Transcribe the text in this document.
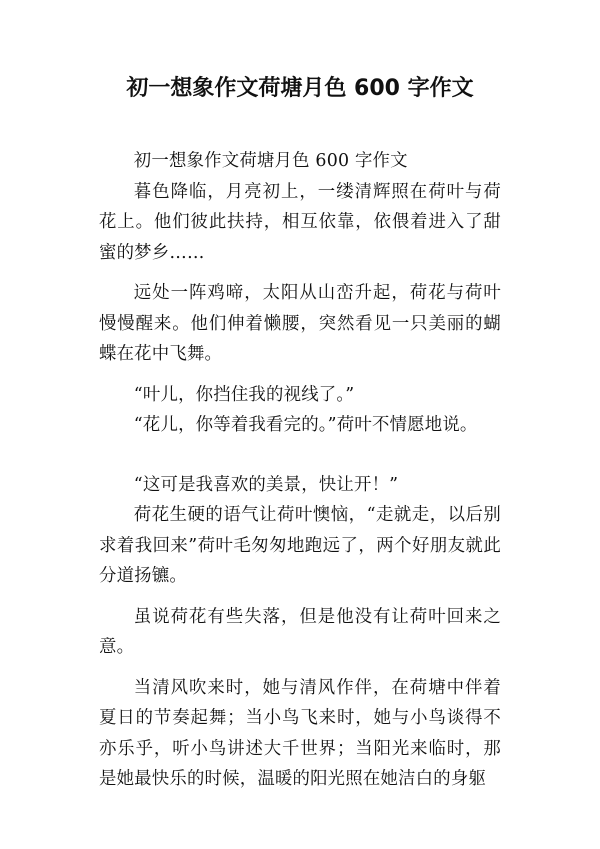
初一想象作文荷塘月色 600 字作文

初一想象作文荷塘月色 600 字作文

暮色降临，月亮初上，一缕清辉照在荷叶与荷花上。他们彼此扶持，相互依靠，依偎着进入了甜蜜的梦乡……

远处一阵鸡啼，太阳从山峦升起，荷花与荷叶慢慢醒来。他们伸着懒腰，突然看见一只美丽的蝴蝶在花中飞舞。

“叶儿，你挡住我的视线了。”

“花儿，你等着我看完的。”荷叶不情愿地说。

“这可是我喜欢的美景，快让开！”

荷花生硬的语气让荷叶懊恼，“走就走，以后别求着我回来”荷叶毛匆匆地跑远了，两个好朋友就此分道扬镳。

虽说荷花有些失落，但是他没有让荷叶回来之意。

当清风吹来时，她与清风作伴，在荷塘中伴着夏日的节奏起舞；当小鸟飞来时，她与小鸟谈得不亦乐乎，听小鸟讲述大千世界；当阳光来临时，那是她最快乐的时候，温暖的阳光照在她洁白的身躯
